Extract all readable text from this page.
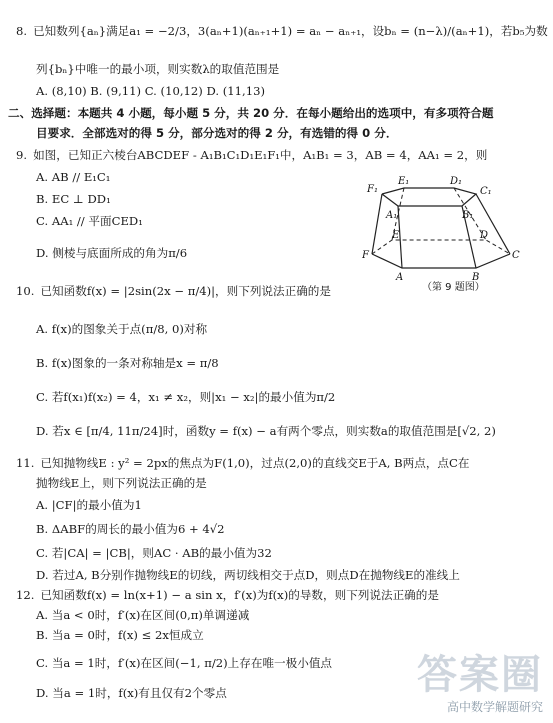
8. 已知数列{aₙ}满足a₁ = −2/3，3(aₙ+1)(aₙ₊₁+1) = aₙ − aₙ₊₁，设bₙ = (n−λ)/(aₙ+1)，若b₅为数
列{bₙ}中唯一的最小项，则实数λ的取值范围是
A. (8,10) B. (9,11) C. (10,12) D. (11,13)
二、选择题：本题共 4 小题，每小题 5 分，共 20 分．在每小题给出的选项中，有多项符合题
目要求．全部选对的得 5 分，部分选对的得 2 分，有选错的得 0 分．
9. 如图，已知正六棱台ABCDEF - A₁B₁C₁D₁E₁F₁中，A₁B₁ = 3，AB = 4，AA₁ = 2，则
A. AB // E₁C₁
B. EC ⊥ DD₁
C. AA₁ // 平面CED₁
D. 侧棱与底面所成的角为π/6
10. 已知函数f(x) = |2sin(2x − π/4)|，则下列说法正确的是
A. f(x)的图象关于点(π/8, 0)对称
B. f(x)图象的一条对称轴是x = π/8
C. 若f(x₁)f(x₂) = 4，x₁ ≠ x₂，则|x₁ − x₂|的最小值为π/2
D. 若x ∈ [π/4, 11π/24]时，函数y = f(x) − a有两个零点，则实数a的取值范围是[√2, 2)
11. 已知抛物线E : y² = 2px的焦点为F(1,0)，过点(2,0)的直线交E于A, B两点，点C在
抛物线E上，则下列说法正确的是
A. |CF|的最小值为1
B. ΔABF的周长的最小值为6 + 4√2
C. 若|CA| = |CB|，则AC · AB的最小值为32
D. 若过A, B分别作抛物线E的切线，两切线相交于点D，则点D在抛物线E的准线上
12. 已知函数f(x) = ln(x+1) − a sin x，f′(x)为f(x)的导数，则下列说法正确的是
A. 当a < 0时，f′(x)在区间(0,π)单调递减
B. 当a = 0时，f(x) ≤ 2x恒成立
C. 当a = 1时，f′(x)在区间(−1, π/2)上存在唯一极小值点
D. 当a = 1时，f(x)有且仅有2个零点
F₁
E₁	D₁
A₁	B₁
C₁
F
E	D
A	B
C
（第 9 题图）
答案圈
高中数学解题研究
